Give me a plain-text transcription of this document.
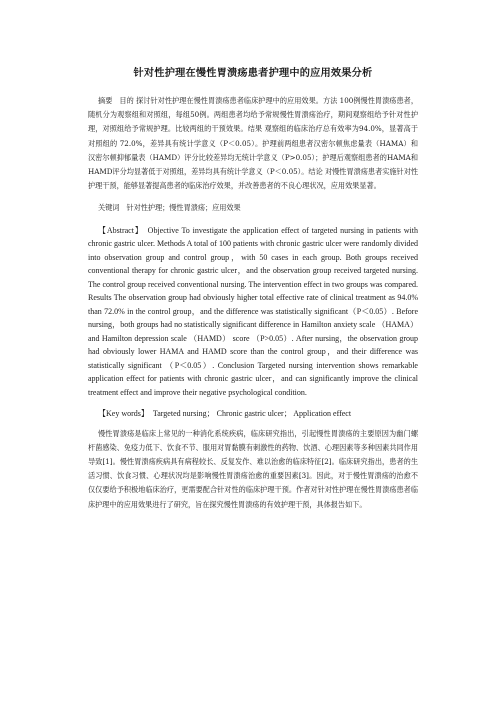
针对性护理在慢性胃溃疡患者护理中的应用效果分析

摘要 目的 探讨针对性护理在慢性胃溃疡患者临床护理中的应用效果。方法 100例慢性胃溃疡患者，随机分为观察组和对照组，每组50例。两组患者均给予常规慢性胃溃疡治疗，期间观察组给予针对性护理，对照组给予常规护理。比较两组的干预效果。结果 观察组的临床治疗总有效率为94.0%，显著高于对照组的 72.0%，差异具有统计学意义（P＜0.05）。护理前两组患者汉密尔顿焦虑量表（HAMA）和汉密尔顿抑郁量表（HAMD）评分比较差异均无统计学意义（P>0.05）；护理后观察组患者的HAMA和HAMD评分均显著低于对照组，差异均具有统计学意义（P＜0.05）。结论 对慢性胃溃疡患者实施针对性护理干预，能够显著提高患者的临床治疗效果，并改善患者的不良心理状况，应用效果显著。

关键词 针对性护理；慢性胃溃疡；应用效果

【Abstract】 Objective To investigate the application effect of targeted nursing in patients with chronic gastric ulcer. Methods A total of 100 patients with chronic gastric ulcer were randomly divided into observation group and control group，with 50 cases in each group. Both groups received conventional therapy for chronic gastric ulcer，and the observation group received targeted nursing. The control group received conventional nursing. The intervention effect in two groups was compared. Results The observation group had obviously higher total effective rate of clinical treatment as 94.0% than 72.0% in the control group，and the difference was statistically significant（P＜0.05）. Before nursing，both groups had no statistically significant difference in Hamilton anxiety scale （HAMA） and Hamilton depression scale （HAMD） score （P>0.05）. After nursing，the observation group had obviously lower HAMA and HAMD score than the control group，and their difference was statistically significant （P＜0.05）. Conclusion Targeted nursing intervention shows remarkable application effect for patients with chronic gastric ulcer，and can significantly improve the clinical treatment effect and improve their negative psychological condition.

【Key words】 Targeted nursing； Chronic gastric ulcer； Application effect

慢性胃溃疡是临床上常见的一种消化系统疾病，临床研究指出，引起慢性胃溃疡的主要原因为幽门螺杆菌感染、免疫力低下、饮食不节、服用对胃黏膜有刺激性的药物、饮酒、心理因素等多种因素共同作用导致[1]。慢性胃溃疡疾病具有病程较长、反复发作、难以治愈的临床特征[2]。临床研究指出，患者的生活习惯、饮食习惯、心理状况均是影响慢性胃溃疡治愈的重要因素[3]。因此，对于慢性胃溃疡的治愈不仅仅要给予积极地临床治疗，更需要配合针对性的临床护理干预。作者对针对性护理在慢性胃溃疡患者临床护理中的应用效果进行了研究，旨在探究慢性胃溃疡的有效护理干预，具体报告如下。
